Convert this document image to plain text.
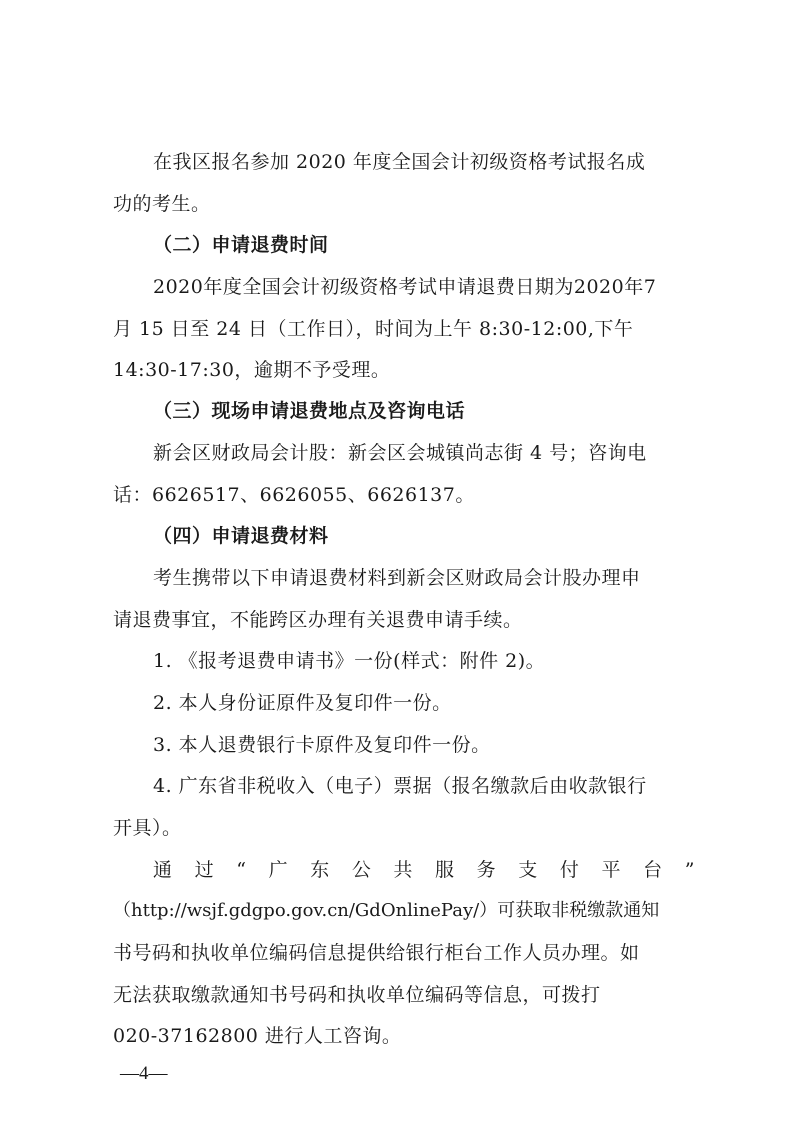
在我区报名参加 2020 年度全国会计初级资格考试报名成
功的考生。
（二）申请退费时间
2020年度全国会计初级资格考试申请退费日期为2020年7
月 15 日至 24 日（工作日），时间为上午 8:30-12:00,下午
14:30-17:30，逾期不予受理。
（三）现场申请退费地点及咨询电话
新会区财政局会计股：新会区会城镇尚志街 4 号；咨询电
话：6626517、6626055、6626137。
（四）申请退费材料
考生携带以下申请退费材料到新会区财政局会计股办理申
请退费事宜，不能跨区办理有关退费申请手续。
1. 《报考退费申请书》一份(样式：附件 2)。
2. 本人身份证原件及复印件一份。
3. 本人退费银行卡原件及复印件一份。
4. 广东省非税收入（电子）票据（报名缴款后由收款银行
开具）。
通过“广东公共服务支付平台”
（http://wsjf.gdgpo.gov.cn/GdOnlinePay/）可获取非税缴款通知
书号码和执收单位编码信息提供给银行柜台工作人员办理。如
无法获取缴款通知书号码和执收单位编码等信息，可拨打
020-37162800 进行人工咨询。
—4—
